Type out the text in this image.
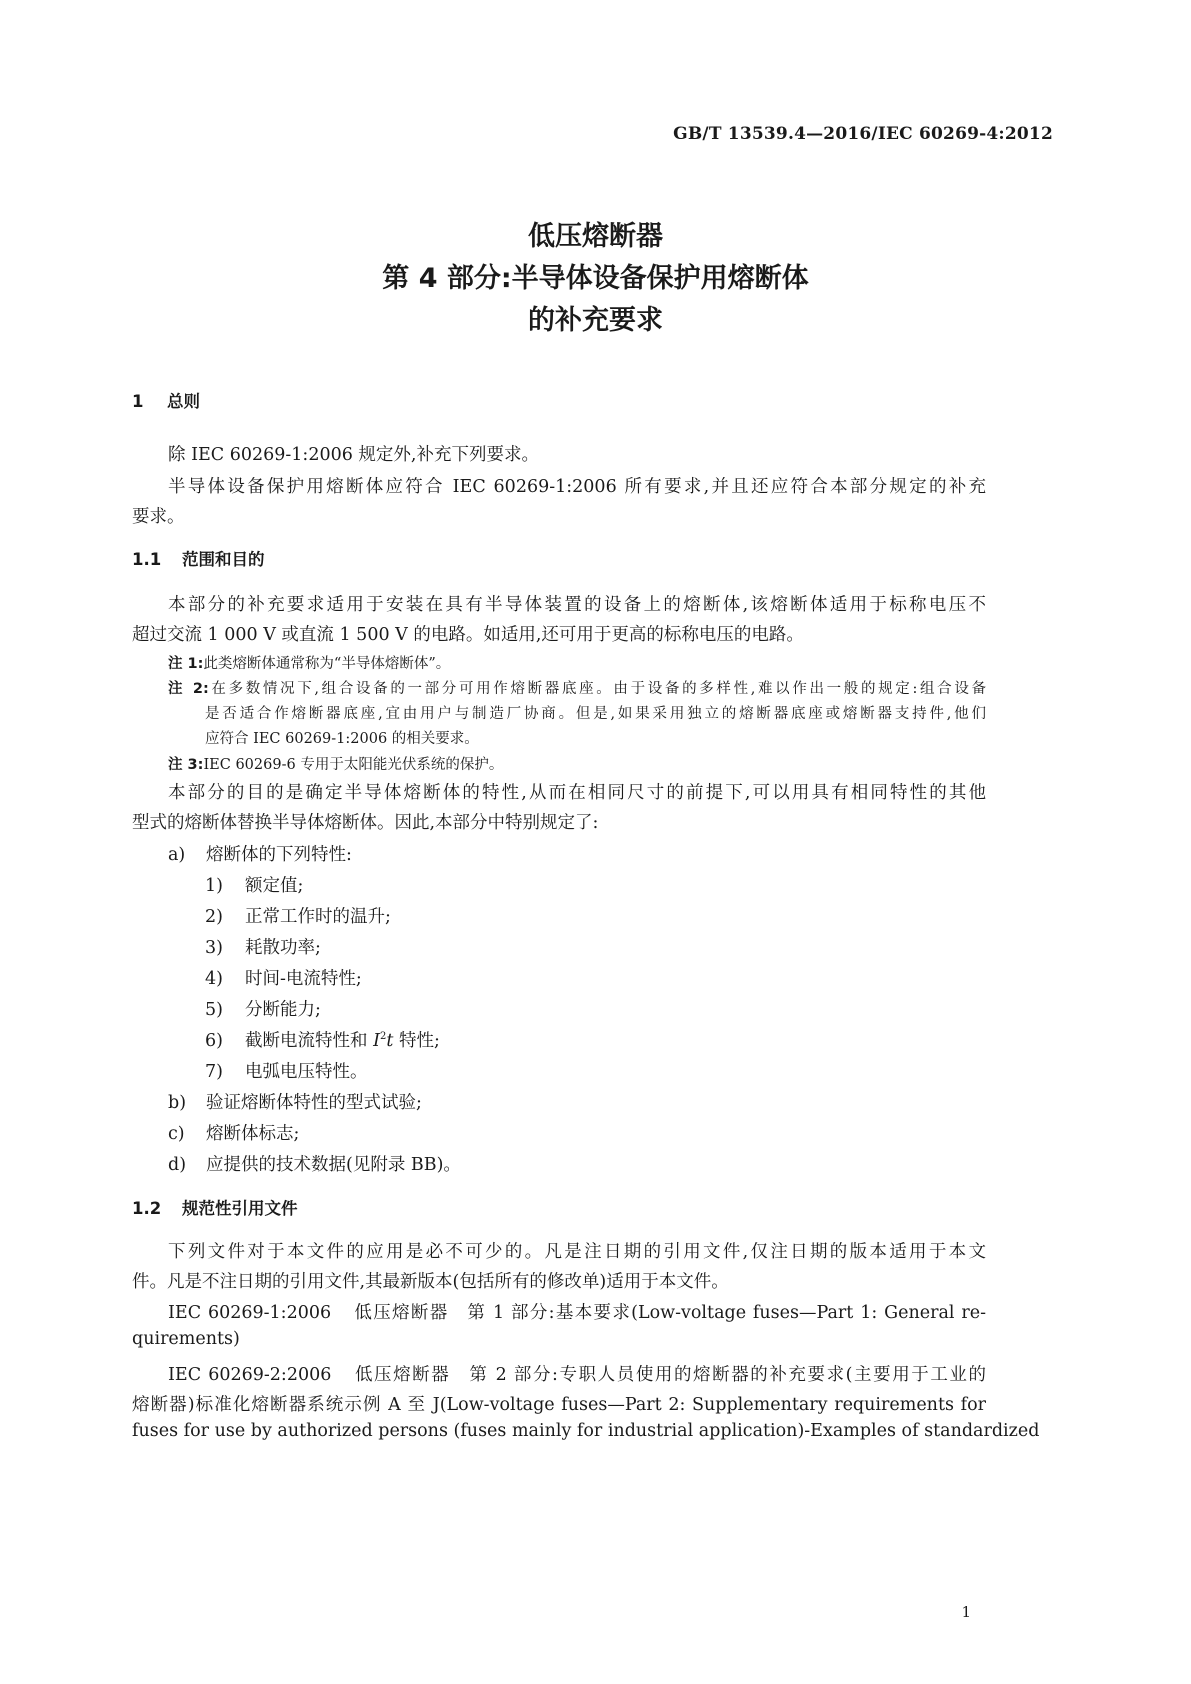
GB/T 13539.4—2016/IEC 60269-4:2012
低压熔断器
第 4 部分:半导体设备保护用熔断体
的补充要求
1 总则
除 IEC 60269-1:2006 规定外,补充下列要求。
半导体设备保护用熔断体应符合 IEC 60269-1:2006 所有要求,并且还应符合本部分规定的补充
要求。
1.1 范围和目的
本部分的补充要求适用于安装在具有半导体装置的设备上的熔断体,该熔断体适用于标称电压不
超过交流 1 000 V 或直流 1 500 V 的电路。如适用,还可用于更高的标称电压的电路。
注 1:此类熔断体通常称为“半导体熔断体”。
注 2:在多数情况下,组合设备的一部分可用作熔断器底座。由于设备的多样性,难以作出一般的规定:组合设备
是否适合作熔断器底座,宜由用户与制造厂协商。但是,如果采用独立的熔断器底座或熔断器支持件,他们
应符合 IEC 60269-1:2006 的相关要求。
注 3:IEC 60269-6 专用于太阳能光伏系统的保护。
本部分的目的是确定半导体熔断体的特性,从而在相同尺寸的前提下,可以用具有相同特性的其他
型式的熔断体替换半导体熔断体。因此,本部分中特别规定了:
a) 熔断体的下列特性:
1) 额定值;
2) 正常工作时的温升;
3) 耗散功率;
4) 时间-电流特性;
5) 分断能力;
6) 截断电流特性和 $I^2t$ 特性;
7) 电弧电压特性。
b) 验证熔断体特性的型式试验;
c) 熔断体标志;
d) 应提供的技术数据(见附录 BB)。
1.2 规范性引用文件
下列文件对于本文件的应用是必不可少的。凡是注日期的引用文件,仅注日期的版本适用于本文
件。凡是不注日期的引用文件,其最新版本(包括所有的修改单)适用于本文件。
IEC 60269-1:2006 低压熔断器　第 1 部分:基本要求(Low-voltage fuses—Part 1: General re-
quirements)
IEC 60269-2:2006 低压熔断器　第 2 部分:专职人员使用的熔断器的补充要求(主要用于工业的
熔断器)标准化熔断器系统示例 A 至 J(Low-voltage fuses—Part 2: Supplementary requirements for
fuses for use by authorized persons (fuses mainly for industrial application)-Examples of standardized
1
